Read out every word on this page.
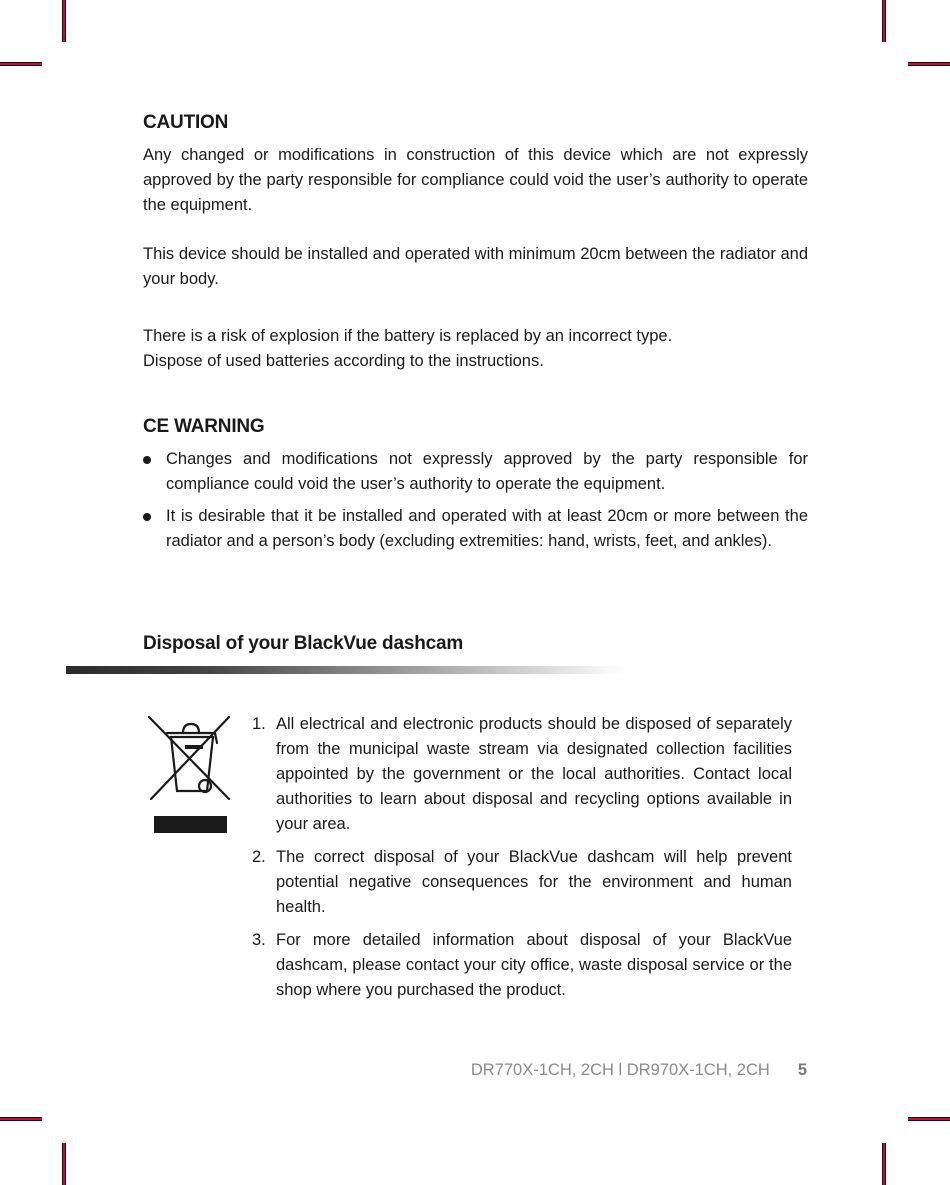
CAUTION

Any changed or modifications in construction of this device which are not expressly approved by the party responsible for compliance could void the user’s authority to operate the equipment.

This device should be installed and operated with minimum 20cm between the radiator and your body.

There is a risk of explosion if the battery is replaced by an incorrect type.
Dispose of used batteries according to the instructions.

CE WARNING
Changes and modifications not expressly approved by the party responsible for compliance could void the user’s authority to operate the equipment.
It is desirable that it be installed and operated with at least 20cm or more between the radiator and a person’s body (excluding extremities: hand, wrists, feet, and ankles).
Disposal of your BlackVue dashcam
1. All electrical and electronic products should be disposed of separately from the municipal waste stream via designated collection facilities appointed by the government or the local authorities. Contact local authorities to learn about disposal and recycling options available in your area.
2. The correct disposal of your BlackVue dashcam will help prevent potential negative consequences for the environment and human health.
3. For more detailed information about disposal of your BlackVue dashcam, please contact your city office, waste disposal service or the shop where you purchased the product.
DR770X-1CH, 2CH l DR970X-1CH, 2CH 5
